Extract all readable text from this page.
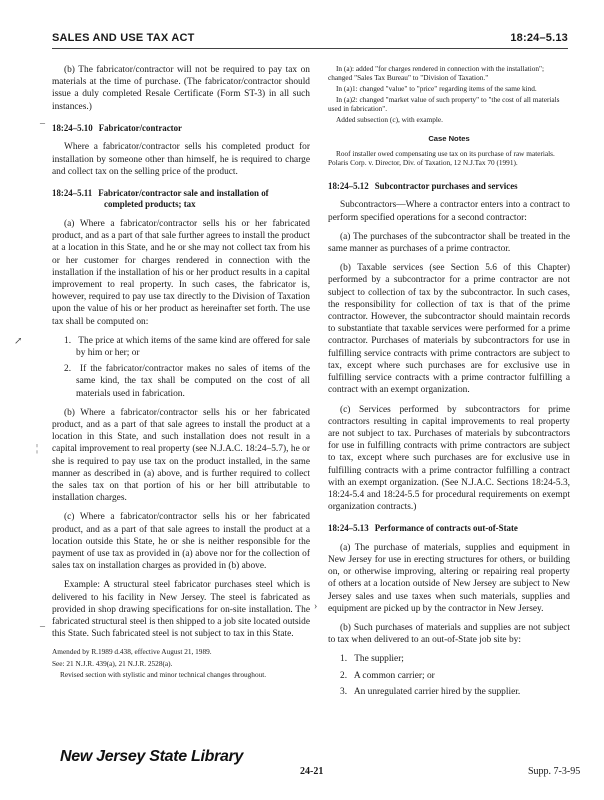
SALES AND USE TAX ACT	18:24–5.13

(b) The fabricator/contractor will not be required to pay tax on materials at the time of purchase. (The fabricator/contractor should issue a duly completed Resale Certificate (Form ST-3) in all such instances.)

18:24–5.10 Fabricator/contractor

Where a fabricator/contractor sells his completed product for installation by someone other than himself, he is required to charge and collect tax on the selling price of the product.

18:24–5.11 Fabricator/contractor sale and installation of
completed products; tax

(a) Where a fabricator/contractor sells his or her fabricated product, and as a part of that sale further agrees to install the product at a location in this State, and he or she may not collect tax from his or her customer for charges rendered in connection with the installation if the installation of his or her product results in a capital improvement to real property. In such cases, the fabricator is, however, required to pay use tax directly to the Division of Taxation upon the value of his or her product as hereinafter set forth. The use tax shall be computed on:

1. The price at which items of the same kind are offered for sale by him or her; or
2. If the fabricator/contractor makes no sales of items of the same kind, the tax shall be computed on the cost of all materials used in fabrication.

(b) Where a fabricator/contractor sells his or her fabricated product, and as a part of that sale agrees to install the product at a location in this State, and such installation does not result in a capital improvement to real property (see N.J.A.C. 18:24–5.7), he or she is required to pay use tax on the product installed, in the same manner as described in (a) above, and is further required to collect the sales tax on that portion of his or her bill attributable to installation charges.

(c) Where a fabricator/contractor sells his or her fabricated product, and as a part of that sale agrees to install the product at a location outside this State, he or she is neither responsible for the payment of use tax as provided in (a) above nor for the collection of sales tax on installation charges as provided in (b) above.

Example: A structural steel fabricator purchases steel which is delivered to his facility in New Jersey. The steel is fabricated as provided in shop drawing specifications for on-site installation. The fabricated structural steel is then shipped to a job site located outside this State. Such fabricated steel is not subject to tax in this State.

Amended by R.1989 d.438, effective August 21, 1989.

See: 21 N.J.R. 439(a), 21 N.J.R. 2528(a).

Revised section with stylistic and minor technical changes throughout.

In (a): added "for charges rendered in connection with the installation"; changed "Sales Tax Bureau" to "Division of Taxation."

In (a)1: changed "value" to "price" regarding items of the same kind.

In (a)2: changed "market value of such property" to "the cost of all materials used in fabrication".

Added subsection (c), with example.

Case Notes

Roof installer owed compensating use tax on its purchase of raw materials. Polaris Corp. v. Director, Div. of Taxation, 12 N.J.Tax 70 (1991).

18:24–5.12 Subcontractor purchases and services

Subcontractors—Where a contractor enters into a contract to perform specified operations for a second contractor:

(a) The purchases of the subcontractor shall be treated in the same manner as purchases of a prime contractor.

(b) Taxable services (see Section 5.6 of this Chapter) performed by a subcontractor for a prime contractor are not subject to collection of tax by the subcontractor. In such cases, the responsibility for collection of tax is that of the prime contractor. However, the subcontractor should maintain records to substantiate that taxable services were performed for a prime contractor. Purchases of materials by subcontractors for use in fulfilling service contracts with prime contractors are subject to tax, except where such purchases are for exclusive use in fulfilling service contracts with a prime contractor fulfilling a contract with an exempt organization.

(c) Services performed by subcontractors for prime contractors resulting in capital improvements to real property are not subject to tax. Purchases of materials by subcontractors for use in fulfilling contracts with prime contractors are subject to tax, except where such purchases are for exclusive use in fulfilling contracts with a prime contractor fulfilling a contract with an exempt organization. (See N.J.A.C. Sections 18:24-5.3, 18:24-5.4 and 18:24-5.5 for procedural requirements on exempt organization contracts.)

18:24–5.13 Performance of contracts out-of-State

(a) The purchase of materials, supplies and equipment in New Jersey for use in erecting structures for others, or building on, or otherwise improving, altering or repairing real property of others at a location outside of New Jersey are subject to New Jersey sales and use taxes when such materials, supplies and equipment are picked up by the contractor in New Jersey.

(b) Such purchases of materials and supplies are not subject to tax when delivered to an out-of-State job site by:

1. The supplier;
2. A common carrier; or
3. An unregulated carrier hired by the supplier.
–
↗
¦
–
›
New Jersey State Library
24-21	Supp. 7-3-95
